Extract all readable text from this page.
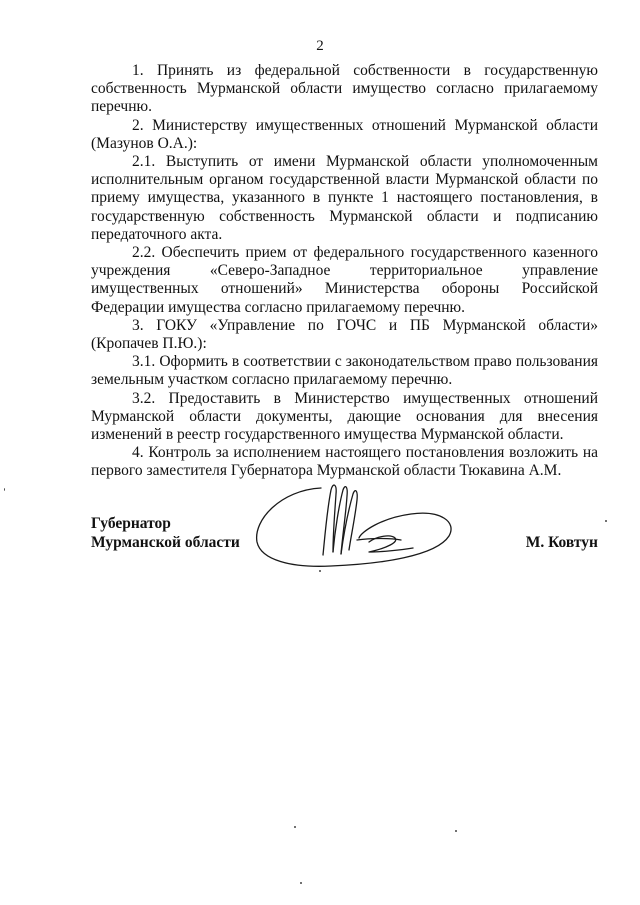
2

1. Принять из федеральной собственности в государственную собственность Мурманской области имущество согласно прилагаемому перечню.

2. Министерству имущественных отношений Мурманской области (Мазунов О.А.):

2.1. Выступить от имени Мурманской области уполномоченным исполнительным органом государственной власти Мурманской области по приему имущества, указанного в пункте 1 настоящего постановления, в государственную собственность Мурманской области и подписанию передаточного акта.

2.2. Обеспечить прием от федерального государственного казенного учреждения «Северо-Западное территориальное управление имущественных отношений» Министерства обороны Российской Федерации имущества согласно прилагаемому перечню.

3. ГОКУ «Управление по ГОЧС и ПБ Мурманской области» (Кропачев П.Ю.):

3.1. Оформить в соответствии с законодательством право пользования земельным участком согласно прилагаемому перечню.

3.2. Предоставить в Министерство имущественных отношений Мурманской области документы, дающие основания для внесения изменений в реестр государственного имущества Мурманской области.

4. Контроль за исполнением настоящего постановления возложить на первого заместителя Губернатора Мурманской области Тюкавина А.М.

Губернатор
Мурманской области	М. Ковтун
